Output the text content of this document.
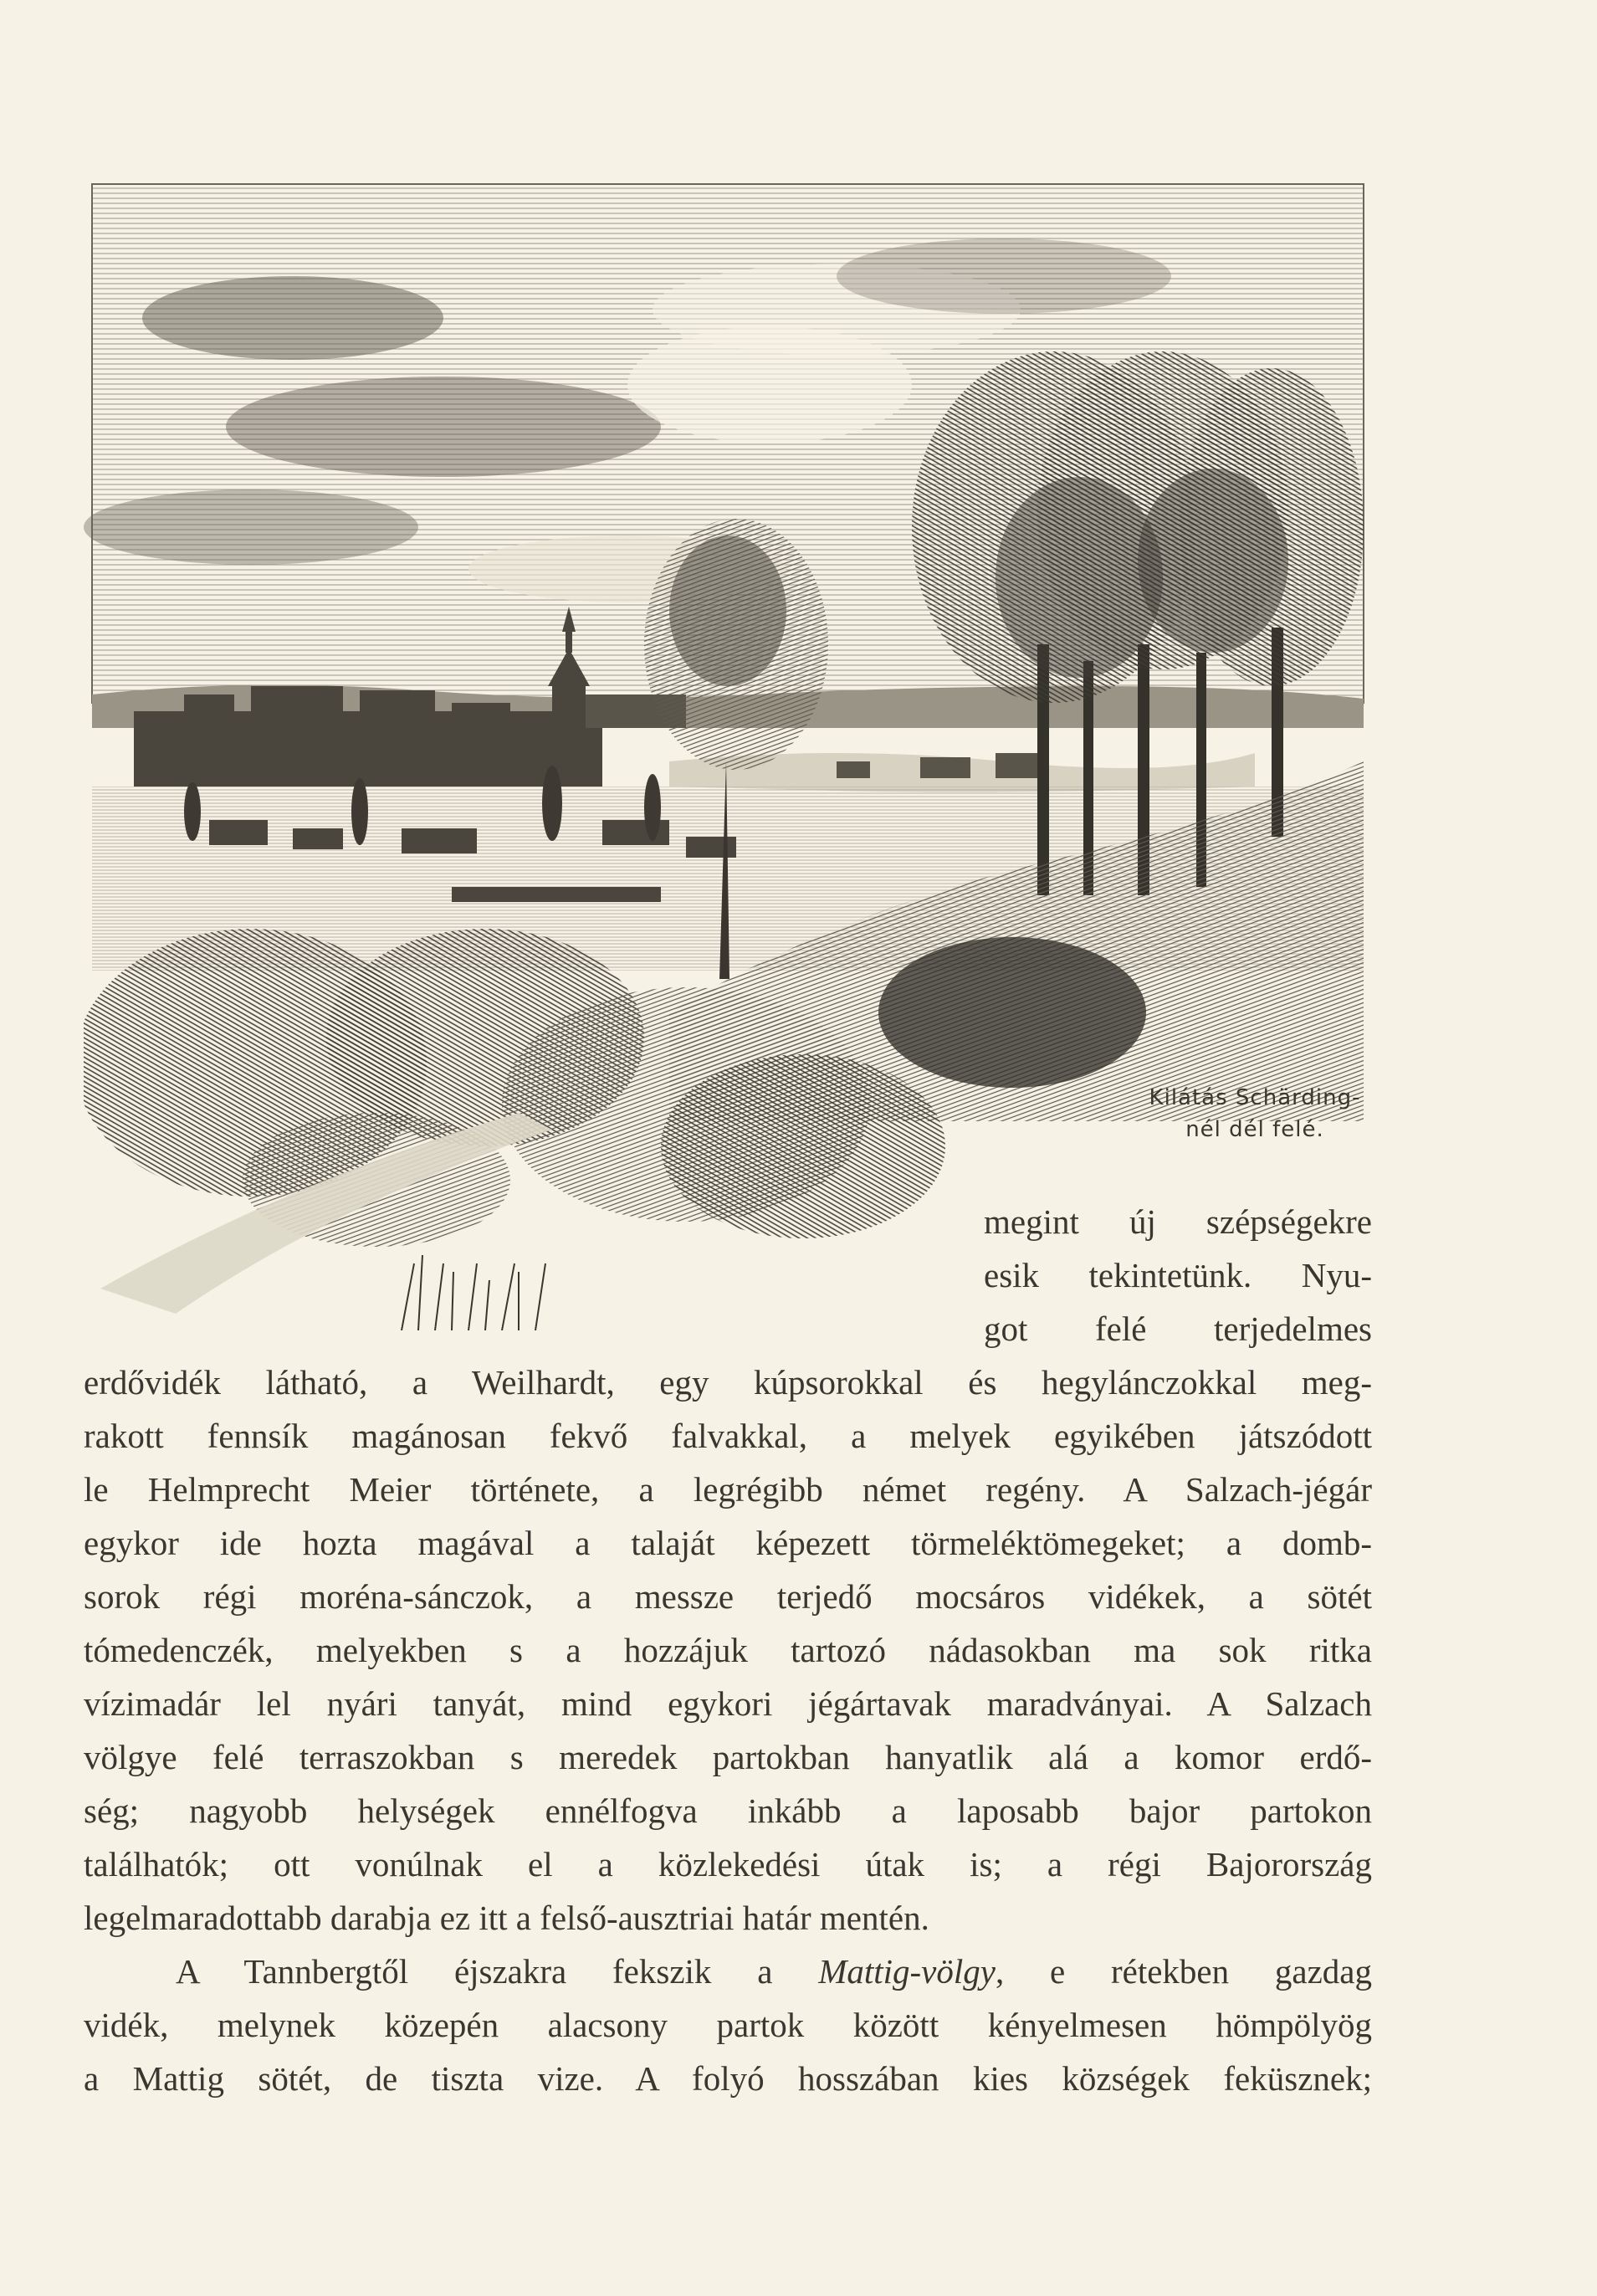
Kilátás Schärding-
nél dél felé.
megint új szépségekre
esik tekintetünk. Nyu-
got felé terjedelmes
erdővidék látható, a Weilhardt, egy kúpsorokkal és hegylánczokkal meg-
rakott fennsík magánosan fekvő falvakkal, a melyek egyikében játszódott
le Helmprecht Meier története, a legrégibb német regény. A Salzach-jégár
egykor ide hozta magával a talaját képezett törmeléktömegeket; a domb-
sorok régi moréna-sánczok, a messze terjedő mocsáros vidékek, a sötét
tómedenczék, melyekben s a hozzájuk tartozó nádasokban ma sok ritka
vízimadár lel nyári tanyát, mind egykori jégártavak maradványai. A Salzach
völgye felé terraszokban s meredek partokban hanyatlik alá a komor erdő-
ség; nagyobb helységek ennélfogva inkább a laposabb bajor partokon
találhatók; ott vonúlnak el a közlekedési útak is; a régi Bajorország
legelmaradottabb darabja ez itt a felső-ausztriai határ mentén.
A Tannbergtől éjszakra fekszik a Mattig-völgy, e rétekben gazdag
vidék, melynek közepén alacsony partok között kényelmesen hömpölyög
a Mattig sötét, de tiszta vize. A folyó hosszában kies községek feküsznek;
